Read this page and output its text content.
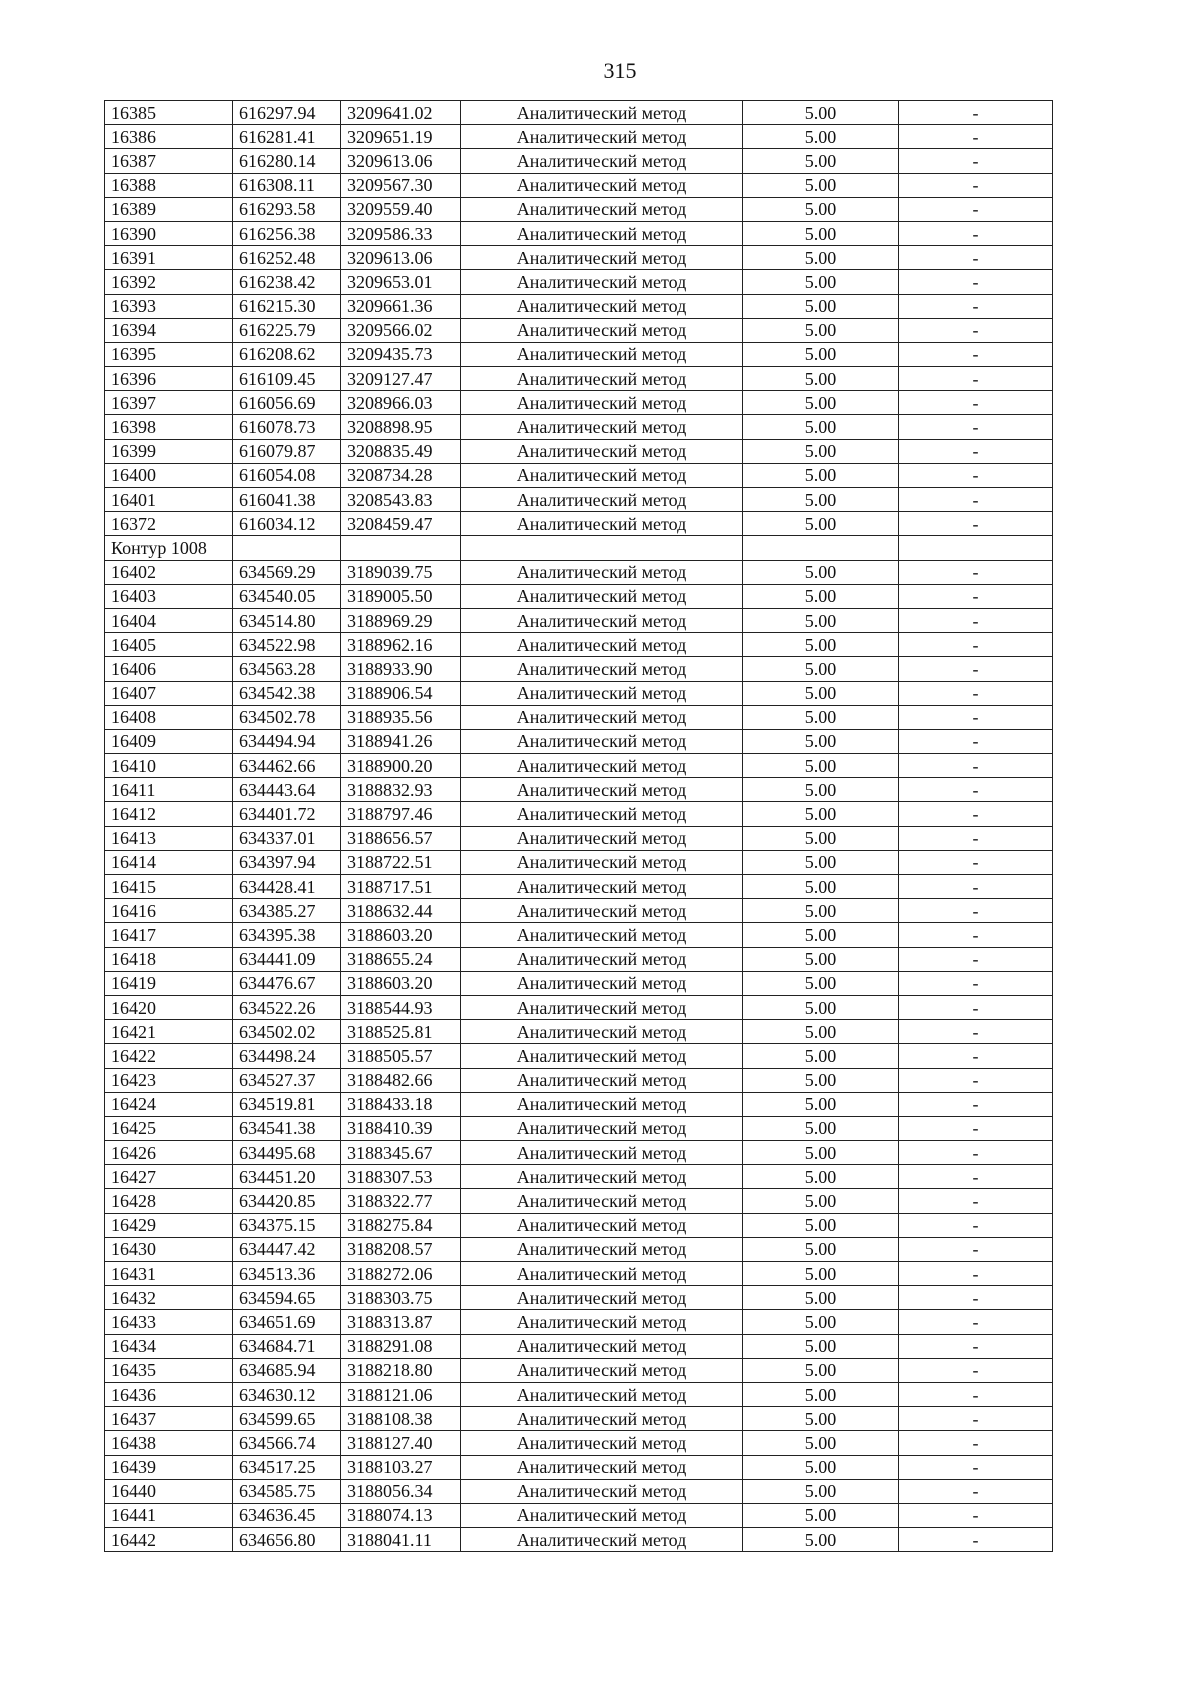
315
16385	616297.94	3209641.02	Аналитический метод	5.00	-
16386	616281.41	3209651.19	Аналитический метод	5.00	-
16387	616280.14	3209613.06	Аналитический метод	5.00	-
16388	616308.11	3209567.30	Аналитический метод	5.00	-
16389	616293.58	3209559.40	Аналитический метод	5.00	-
16390	616256.38	3209586.33	Аналитический метод	5.00	-
16391	616252.48	3209613.06	Аналитический метод	5.00	-
16392	616238.42	3209653.01	Аналитический метод	5.00	-
16393	616215.30	3209661.36	Аналитический метод	5.00	-
16394	616225.79	3209566.02	Аналитический метод	5.00	-
16395	616208.62	3209435.73	Аналитический метод	5.00	-
16396	616109.45	3209127.47	Аналитический метод	5.00	-
16397	616056.69	3208966.03	Аналитический метод	5.00	-
16398	616078.73	3208898.95	Аналитический метод	5.00	-
16399	616079.87	3208835.49	Аналитический метод	5.00	-
16400	616054.08	3208734.28	Аналитический метод	5.00	-
16401	616041.38	3208543.83	Аналитический метод	5.00	-
16372	616034.12	3208459.47	Аналитический метод	5.00	-
Контур 1008					
16402	634569.29	3189039.75	Аналитический метод	5.00	-
16403	634540.05	3189005.50	Аналитический метод	5.00	-
16404	634514.80	3188969.29	Аналитический метод	5.00	-
16405	634522.98	3188962.16	Аналитический метод	5.00	-
16406	634563.28	3188933.90	Аналитический метод	5.00	-
16407	634542.38	3188906.54	Аналитический метод	5.00	-
16408	634502.78	3188935.56	Аналитический метод	5.00	-
16409	634494.94	3188941.26	Аналитический метод	5.00	-
16410	634462.66	3188900.20	Аналитический метод	5.00	-
16411	634443.64	3188832.93	Аналитический метод	5.00	-
16412	634401.72	3188797.46	Аналитический метод	5.00	-
16413	634337.01	3188656.57	Аналитический метод	5.00	-
16414	634397.94	3188722.51	Аналитический метод	5.00	-
16415	634428.41	3188717.51	Аналитический метод	5.00	-
16416	634385.27	3188632.44	Аналитический метод	5.00	-
16417	634395.38	3188603.20	Аналитический метод	5.00	-
16418	634441.09	3188655.24	Аналитический метод	5.00	-
16419	634476.67	3188603.20	Аналитический метод	5.00	-
16420	634522.26	3188544.93	Аналитический метод	5.00	-
16421	634502.02	3188525.81	Аналитический метод	5.00	-
16422	634498.24	3188505.57	Аналитический метод	5.00	-
16423	634527.37	3188482.66	Аналитический метод	5.00	-
16424	634519.81	3188433.18	Аналитический метод	5.00	-
16425	634541.38	3188410.39	Аналитический метод	5.00	-
16426	634495.68	3188345.67	Аналитический метод	5.00	-
16427	634451.20	3188307.53	Аналитический метод	5.00	-
16428	634420.85	3188322.77	Аналитический метод	5.00	-
16429	634375.15	3188275.84	Аналитический метод	5.00	-
16430	634447.42	3188208.57	Аналитический метод	5.00	-
16431	634513.36	3188272.06	Аналитический метод	5.00	-
16432	634594.65	3188303.75	Аналитический метод	5.00	-
16433	634651.69	3188313.87	Аналитический метод	5.00	-
16434	634684.71	3188291.08	Аналитический метод	5.00	-
16435	634685.94	3188218.80	Аналитический метод	5.00	-
16436	634630.12	3188121.06	Аналитический метод	5.00	-
16437	634599.65	3188108.38	Аналитический метод	5.00	-
16438	634566.74	3188127.40	Аналитический метод	5.00	-
16439	634517.25	3188103.27	Аналитический метод	5.00	-
16440	634585.75	3188056.34	Аналитический метод	5.00	-
16441	634636.45	3188074.13	Аналитический метод	5.00	-
16442	634656.80	3188041.11	Аналитический метод	5.00	-
